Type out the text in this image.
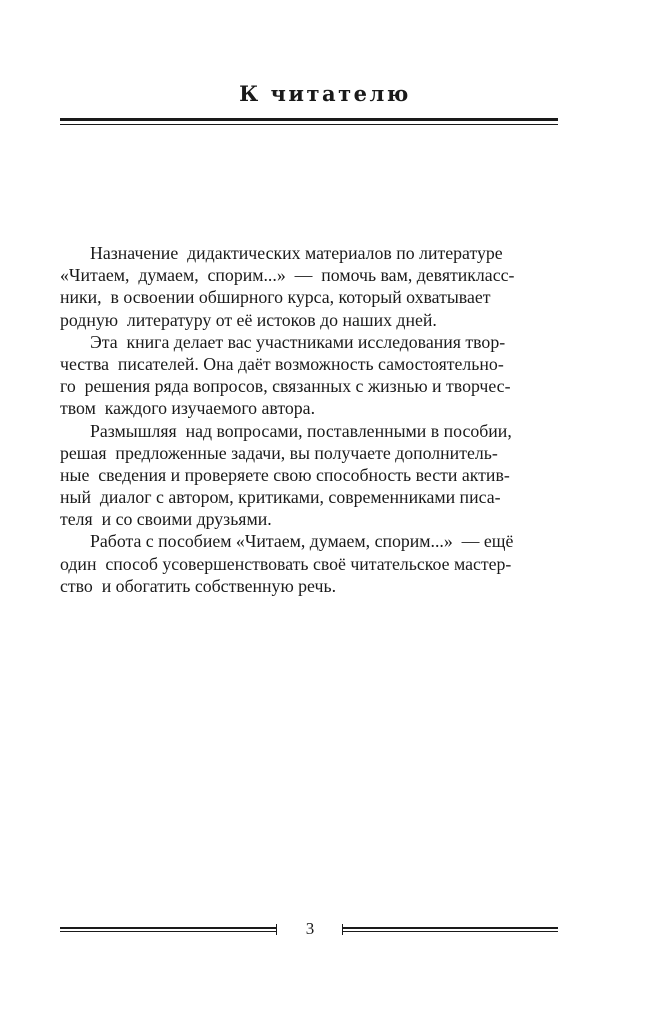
К читателю
Назначение  дидактических материалов по литературе
«Читаем,  думаем,  спорим...»  —  помочь вам, девятикласс-
ники,  в освоении обширного курса, который охватывает
родную  литературу от её истоков до наших дней.
Эта  книга делает вас участниками исследования твор-
чества  писателей. Она даёт возможность самостоятельно-
го  решения ряда вопросов, связанных с жизнью и творчес-
твом  каждого изучаемого автора.
Размышляя  над вопросами, поставленными в пособии,
решая  предложенные задачи, вы получаете дополнитель-
ные  сведения и проверяете свою способность вести актив-
ный  диалог с автором, критиками, современниками писа-
теля  и со своими друзьями.
Работа с пособием «Читаем, думаем, спорим...»  — ещё
один  способ усовершенствовать своё читательское мастер-
ство  и обогатить собственную речь.
3
